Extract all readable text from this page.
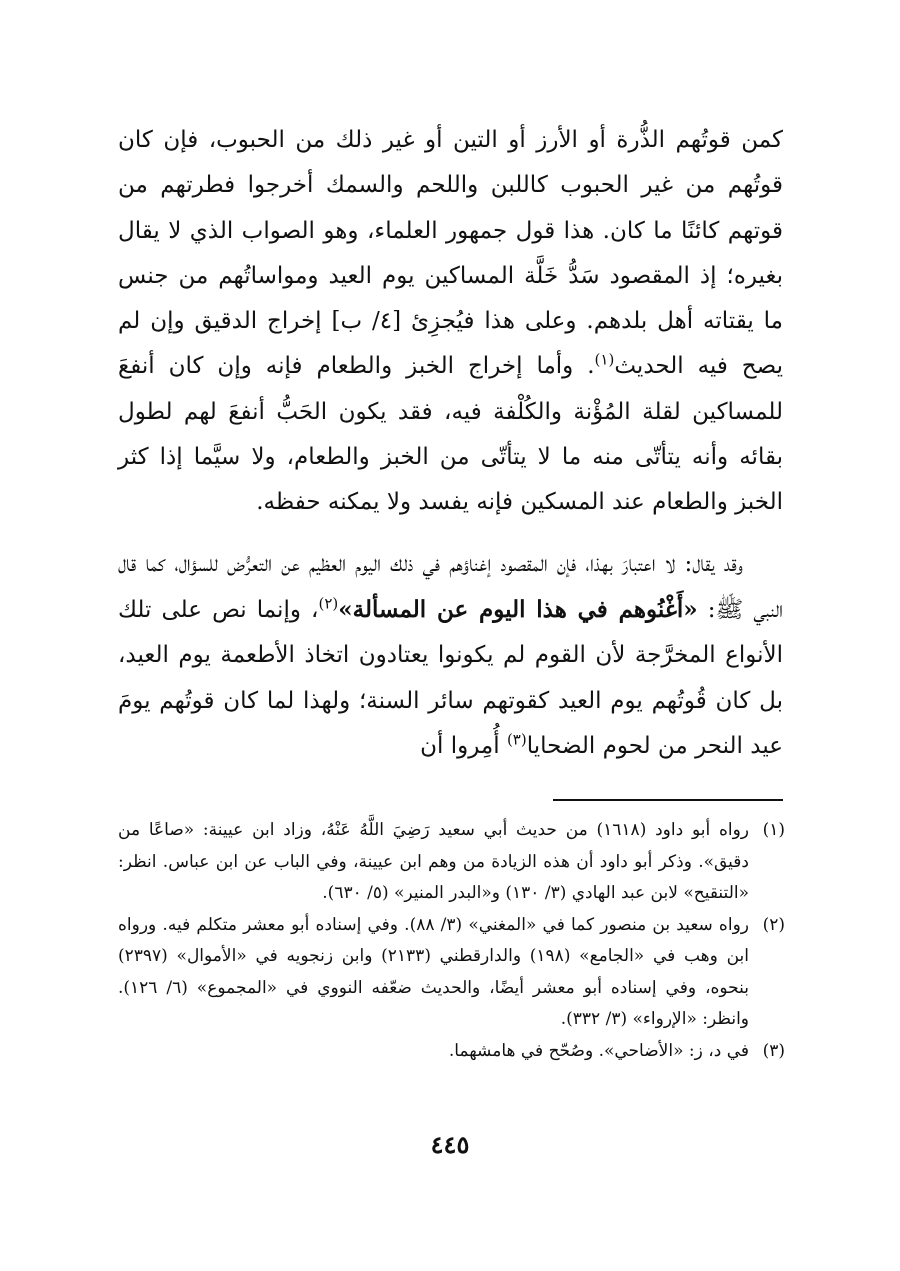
كمن قوتُهم الذُّرة أو الأرز أو التين أو غير ذلك من الحبوب، فإن كان قوتُهم من غير الحبوب كاللبن واللحم والسمك أخرجوا فطرتهم من قوتهم كائنًا ما كان. هذا قول جمهور العلماء، وهو الصواب الذي لا يقال بغيره؛ إذ المقصود سَدُّ خَلَّة المساكين يوم العيد ومواساتُهم من جنس ما يقتاته أهل بلدهم. وعلى هذا فيُجزِئ [٤/ ب] إخراج الدقيق وإن لم يصح فيه الحديث$^{(١)}$. وأما إخراج الخبز والطعام فإنه وإن كان أنفعَ للمساكين لقلة المُؤْنة والكُلْفة فيه، فقد يكون الحَبُّ أنفعَ لهم لطول بقائه وأنه يتأتّى منه ما لا يتأتّى من الخبز والطعام، ولا سيَّما إذا كثر الخبز والطعام عند المسكين فإنه يفسد ولا يمكنه حفظه.

وقد يقال: لا اعتبارَ بهذا، فإن المقصود إغناؤهم في ذلك اليوم العظيم عن التعرُّض للسؤال، كما قال النبي ﷺ: «أَغْنُوهم في هذا اليوم عن المسألة»$^{(٢)}$، وإنما نص على تلك الأنواع المخرَّجة لأن القوم لم يكونوا يعتادون اتخاذ الأطعمة يوم العيد، بل كان قُوتُهم يوم العيد كقوتهم سائر السنة؛ ولهذا لما كان قوتُهم يومَ عيد النحر من لحوم الضحايا$^{(٣)}$ أُمِروا أن

(١)
رواه أبو داود (١٦١٨) من حديث أبي سعيد رَضِيَ اللَّهُ عَنْهُ، وزاد ابن عيينة: «صاعًا من دقيق». وذكر أبو داود أن هذه الزيادة من وهم ابن عيينة، وفي الباب عن ابن عباس. انظر: «التنقيح» لابن عبد الهادي (٣/ ١٣٠) و«البدر المنير» (٥/ ٦٣٠).
(٢)
رواه سعيد بن منصور كما في «المغني» (٣/ ٨٨). وفي إسناده أبو معشر متكلم فيه. ورواه ابن وهب في «الجامع» (١٩٨) والدارقطني (٢١٣٣) وابن زنجويه في «الأموال» (٢٣٩٧) بنحوه، وفي إسناده أبو معشر أيضًا، والحديث ضعّفه النووي في «المجموع» (٦/ ١٢٦). وانظر: «الإرواء» (٣/ ٣٣٢).
(٣)
في د، ز: «الأضاحي». وصُحّح في هامشهما.
٤٤٥
